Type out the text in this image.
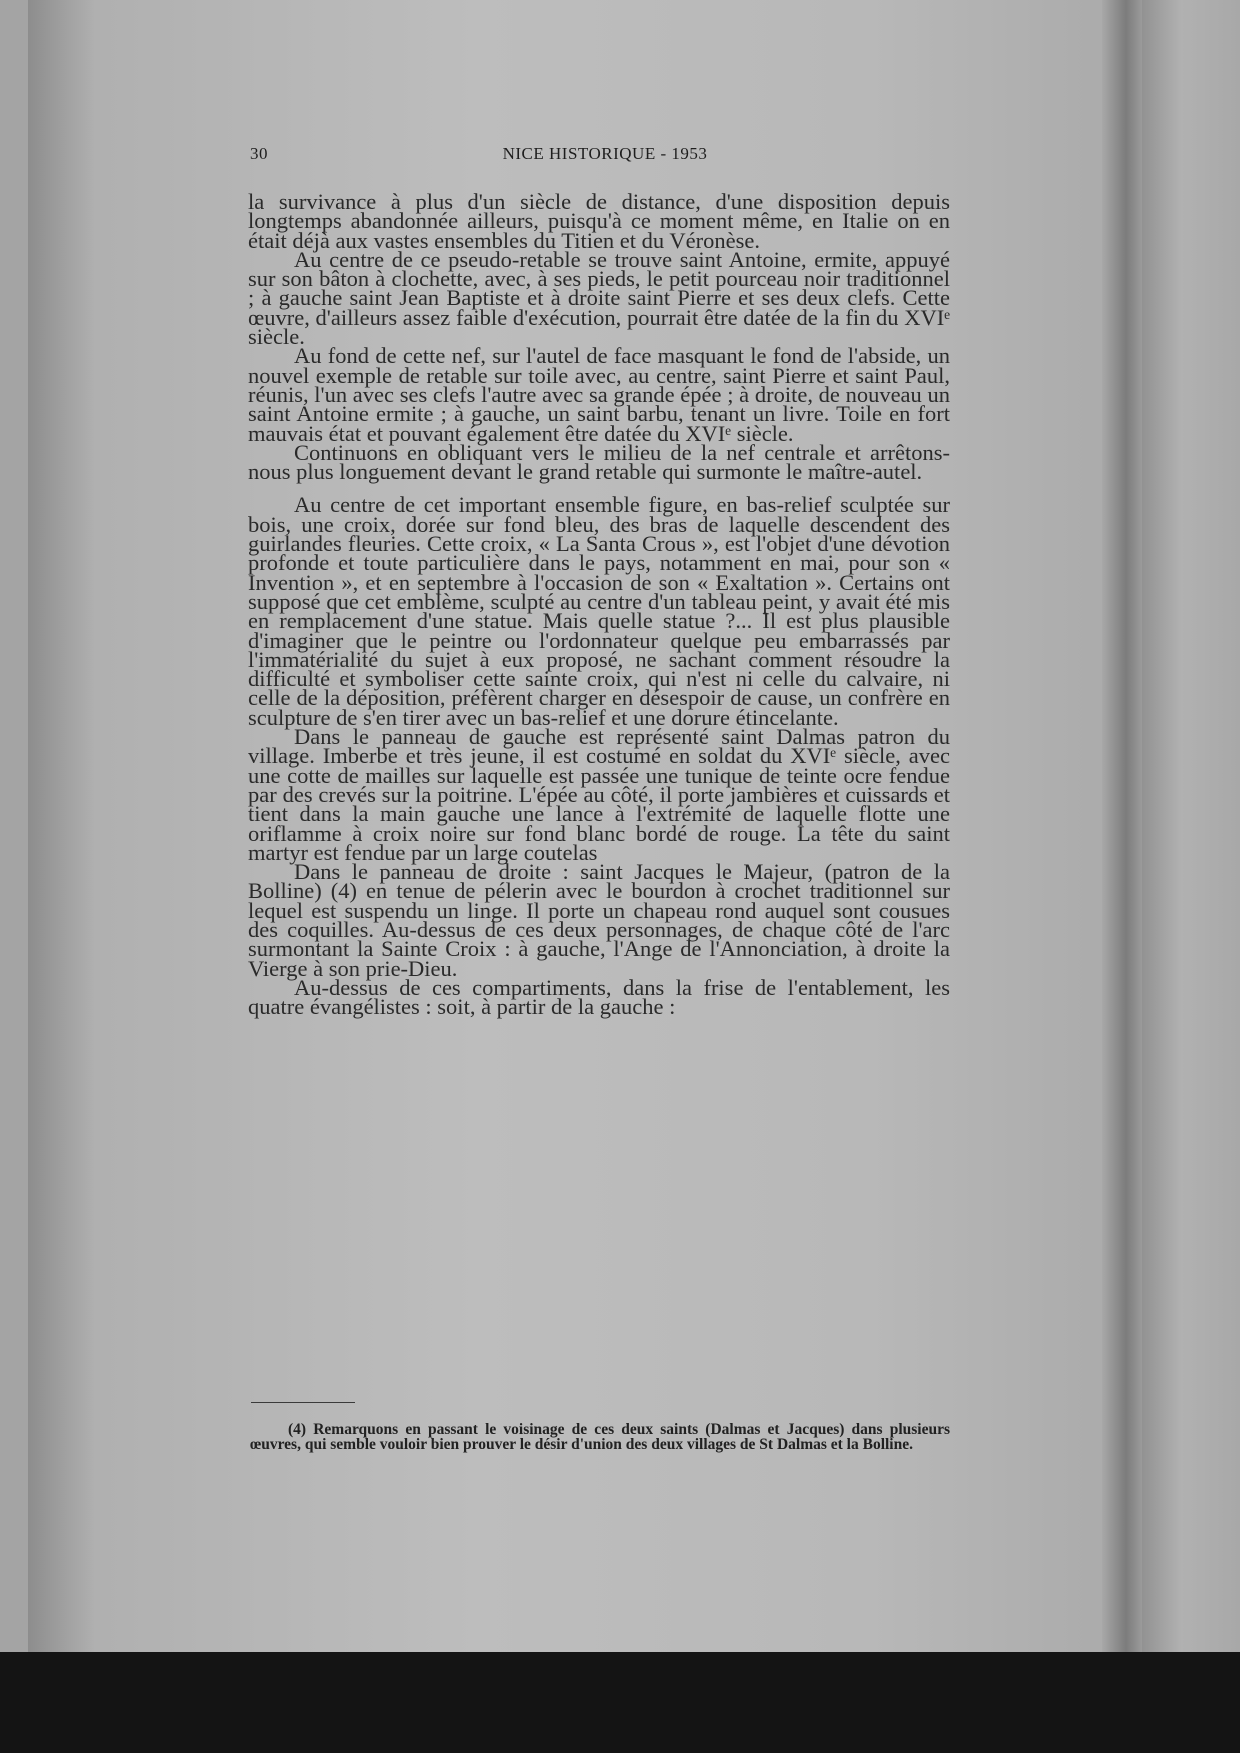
30	NICE HISTORIQUE - 1953

la survivance à plus d'un siècle de distance, d'une disposition depuis longtemps abandonnée ailleurs, puisqu'à ce moment même, en Italie on en était déjà aux vastes ensembles du Titien et du Véronèse.

Au centre de ce pseudo-retable se trouve saint Antoine, ermite, appuyé sur son bâton à clochette, avec, à ses pieds, le petit pourceau noir traditionnel ; à gauche saint Jean Baptiste et à droite saint Pierre et ses deux clefs. Cette œuvre, d'ailleurs assez faible d'exécution, pourrait être datée de la fin du XVIᵉ siècle.

Au fond de cette nef, sur l'autel de face masquant le fond de l'abside, un nouvel exemple de retable sur toile avec, au centre, saint Pierre et saint Paul, réunis, l'un avec ses clefs l'autre avec sa grande épée ; à droite, de nouveau un saint Antoine ermite ; à gauche, un saint barbu, tenant un livre. Toile en fort mauvais état et pouvant également être datée du XVIᵉ siècle.

Continuons en obliquant vers le milieu de la nef centrale et arrêtons-nous plus longuement devant le grand retable qui surmonte le maître-autel.

Au centre de cet important ensemble figure, en bas-relief sculptée sur bois, une croix, dorée sur fond bleu, des bras de laquelle descendent des guirlandes fleuries. Cette croix, « La Santa Crous », est l'objet d'une dévotion profonde et toute particulière dans le pays, notamment en mai, pour son « Invention », et en septembre à l'occasion de son « Exaltation ». Certains ont supposé que cet emblème, sculpté au centre d'un tableau peint, y avait été mis en remplacement d'une statue. Mais quelle statue ?... Il est plus plausible d'imaginer que le peintre ou l'ordonnateur quelque peu embarrassés par l'immatérialité du sujet à eux proposé, ne sachant comment résoudre la difficulté et symboliser cette sainte croix, qui n'est ni celle du calvaire, ni celle de la déposition, préfèrent charger en désespoir de cause, un confrère en sculpture de s'en tirer avec un bas-relief et une dorure étincelante.

Dans le panneau de gauche est représenté saint Dalmas patron du village. Imberbe et très jeune, il est costumé en soldat du XVIᵉ siècle, avec une cotte de mailles sur laquelle est passée une tunique de teinte ocre fendue par des crevés sur la poitrine. L'épée au côté, il porte jambières et cuissards et tient dans la main gauche une lance à l'extrémité de laquelle flotte une oriflamme à croix noire sur fond blanc bordé de rouge. La tête du saint martyr est fendue par un large coutelas

Dans le panneau de droite : saint Jacques le Majeur, (patron de la Bolline) (4) en tenue de pélerin avec le bourdon à crochet traditionnel sur lequel est suspendu un linge. Il porte un chapeau rond auquel sont cousues des coquilles. Au-dessus de ces deux personnages, de chaque côté de l'arc surmontant la Sainte Croix : à gauche, l'Ange de l'Annonciation, à droite la Vierge à son prie-Dieu.

Au-dessus de ces compartiments, dans la frise de l'entablement, les quatre évangélistes : soit, à partir de la gauche :

(4) Remarquons en passant le voisinage de ces deux saints (Dalmas et Jacques) dans plusieurs œuvres, qui semble vouloir bien prouver le désir d'union des deux villages de St Dalmas et la Bolline.
